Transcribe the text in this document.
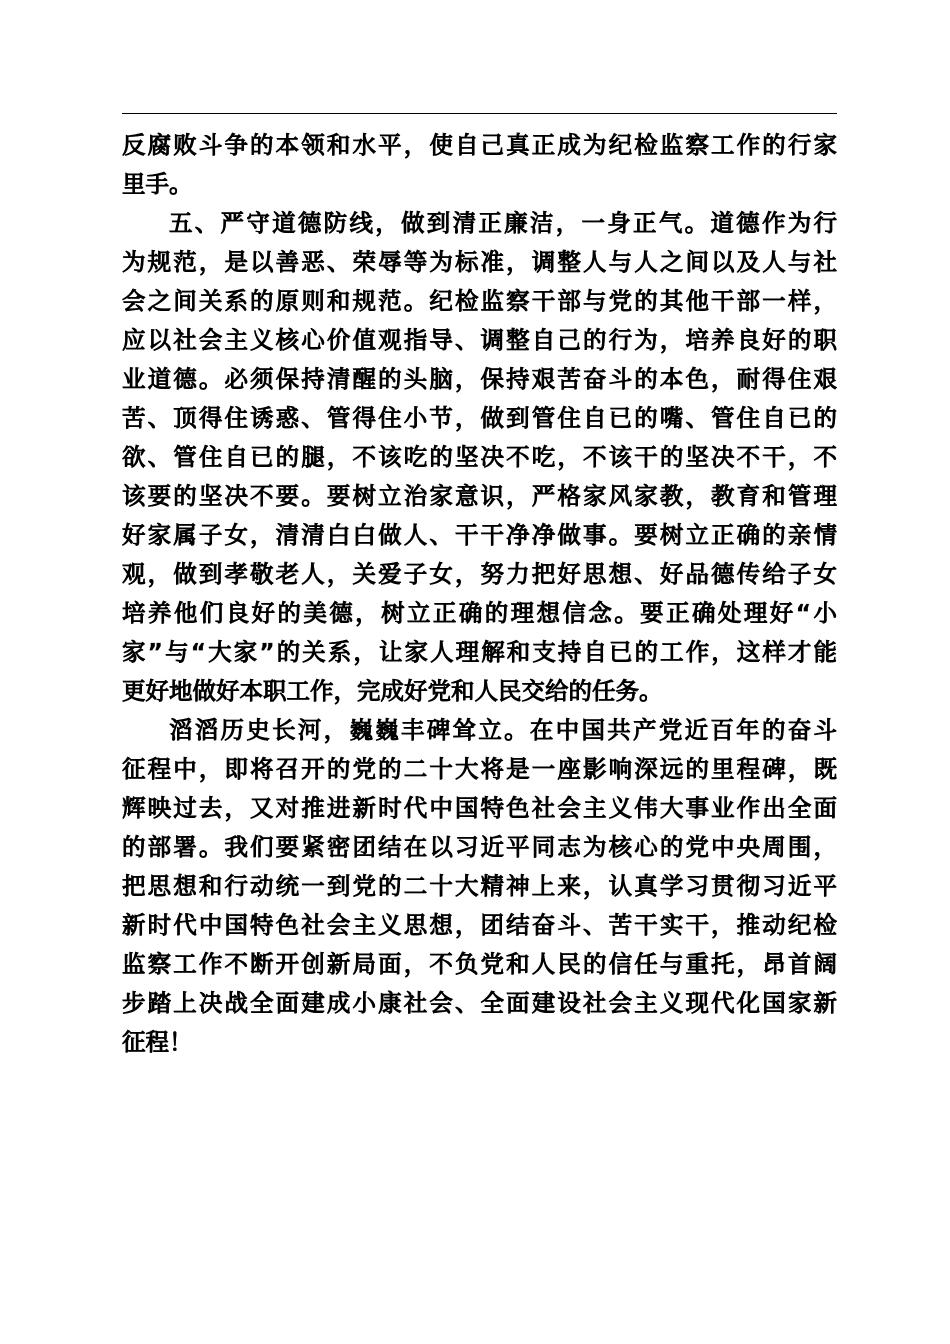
反腐败斗争的本领和水平，使自己真正成为纪检监察工作的行家
里手。
五、严守道德防线，做到清正廉洁，一身正气。道德作为行
为规范，是以善恶、荣辱等为标准，调整人与人之间以及人与社
会之间关系的原则和规范。纪检监察干部与党的其他干部一样，
应以社会主义核心价值观指导、调整自己的行为，培养良好的职
业道德。必须保持清醒的头脑，保持艰苦奋斗的本色，耐得住艰
苦、顶得住诱惑、管得住小节，做到管住自已的嘴、管住自已的
欲、管住自已的腿，不该吃的坚决不吃，不该干的坚决不干，不
该要的坚决不要。要树立治家意识，严格家风家教，教育和管理
好家属子女，清清白白做人、干干净净做事。要树立正确的亲情
观，做到孝敬老人，关爱子女，努力把好思想、好品德传给子女
培养他们良好的美德，树立正确的理想信念。要正确处理好“小
家”与“大家”的关系，让家人理解和支持自已的工作，这样才能
更好地做好本职工作，完成好党和人民交给的任务。
滔滔历史长河，巍巍丰碑耸立。在中国共产党近百年的奋斗
征程中，即将召开的党的二十大将是一座影响深远的里程碑，既
辉映过去，又对推进新时代中国特色社会主义伟大事业作出全面
的部署。我们要紧密团结在以习近平同志为核心的党中央周围，
把思想和行动统一到党的二十大精神上来，认真学习贯彻习近平
新时代中国特色社会主义思想，团结奋斗、苦干实干，推动纪检
监察工作不断开创新局面，不负党和人民的信任与重托，昂首阔
步踏上决战全面建成小康社会、全面建设社会主义现代化国家新
征程！
